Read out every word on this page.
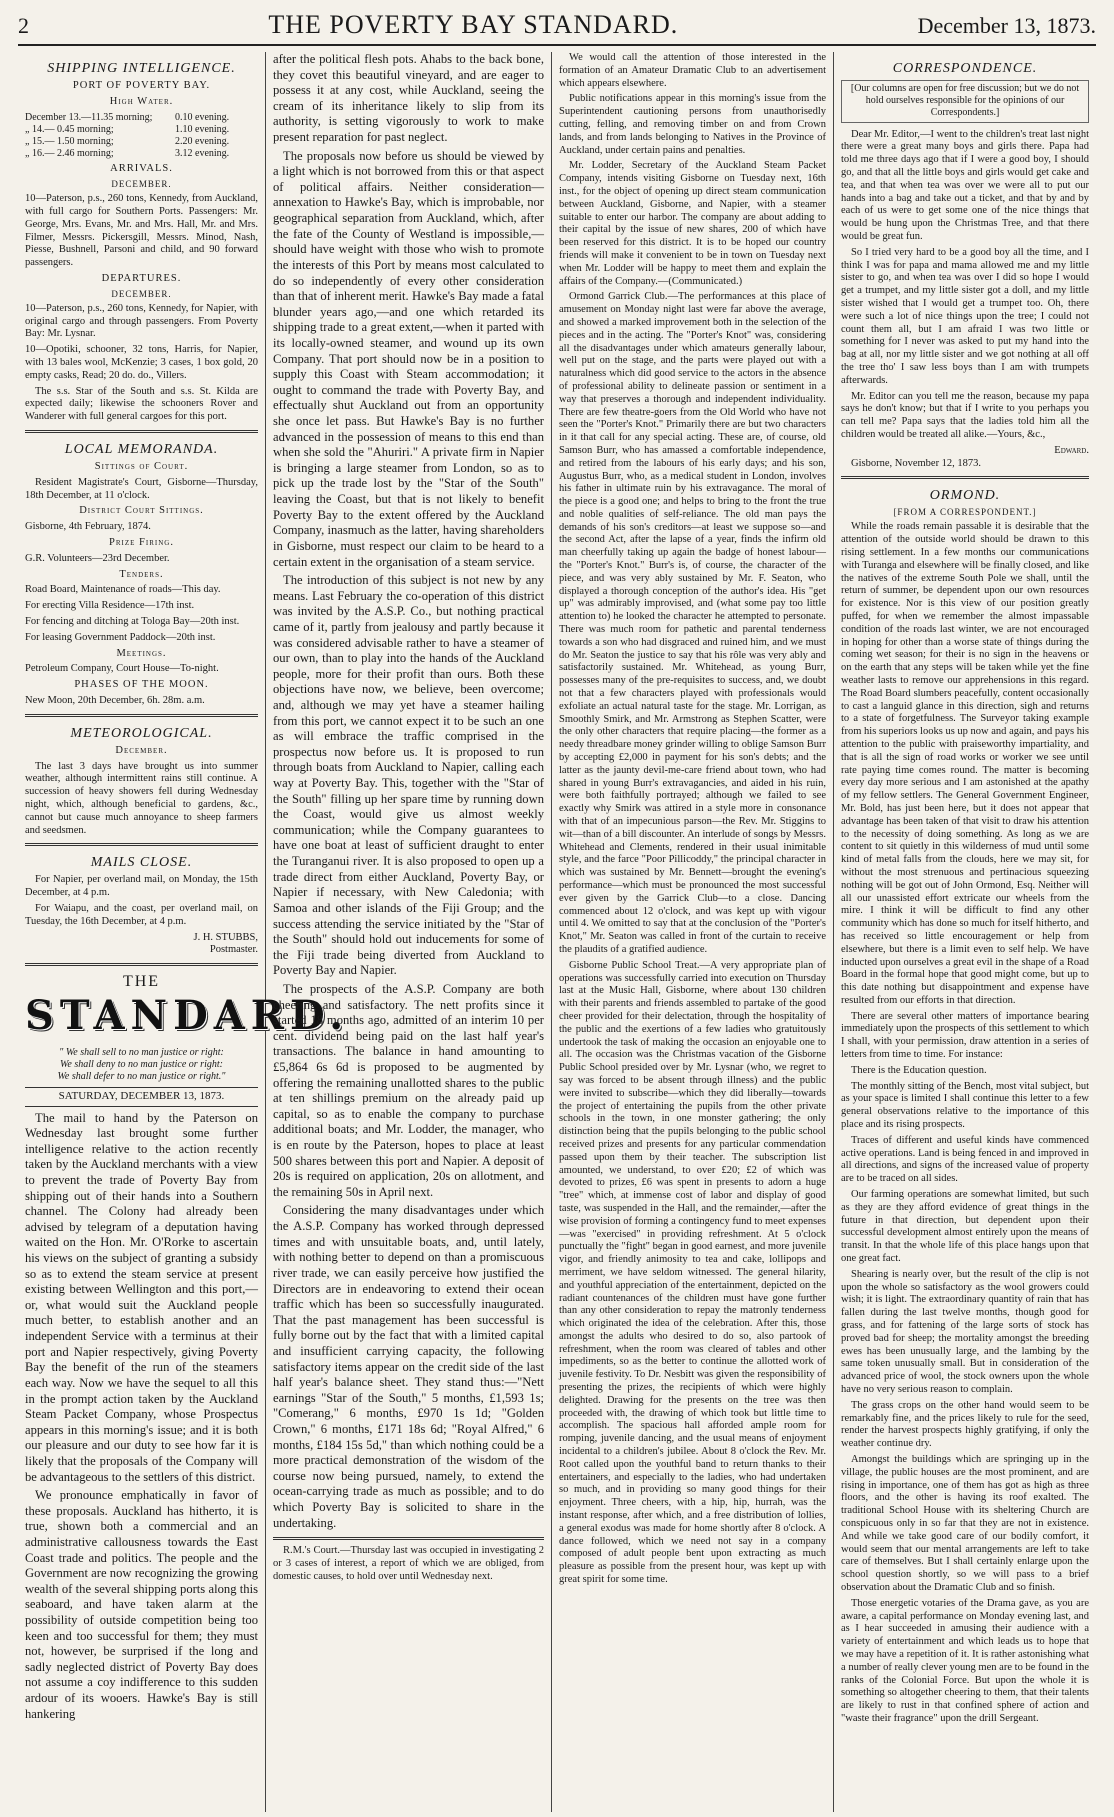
2	THE POVERTY BAY STANDARD.	December 13, 1873.
SHIPPING INTELLIGENCE.
PORT OF POVERTY BAY.
High Water.
December 13.—11.35 morning;	0.10 evening.
„ 14.— 0.45 morning;	1.10 evening.
„ 15.— 1.50 morning;	2.20 evening.
„ 16.— 2.46 morning;	3.12 evening.
ARRIVALS.
DECEMBER.

10—Paterson, p.s., 260 tons, Kennedy, from Auckland, with full cargo for Southern Ports. Passengers: Mr. George, Mrs. Evans, Mr. and Mrs. Hall, Mr. and Mrs. Filmer, Messrs. Pickersgill, Messrs. Minod, Nash, Piesse, Bushnell, Parsoni and child, and 90 forward passengers.

DEPARTURES.
DECEMBER.

10—Paterson, p.s., 260 tons, Kennedy, for Napier, with original cargo and through passengers. From Poverty Bay: Mr. Lysnar.

10—Opotiki, schooner, 32 tons, Harris, for Napier, with 13 bales wool, McKenzie; 3 cases, 1 box gold, 20 empty casks, Read; 20 do. do., Villers.

The s.s. Star of the South and s.s. St. Kilda are expected daily; likewise the schooners Rover and Wanderer with full general cargoes for this port.

LOCAL MEMORANDA.
Sittings of Court.

Resident Magistrate's Court, Gisborne—Thursday, 18th December, at 11 o'clock.

District Court Sittings.

Gisborne, 4th February, 1874.

Prize Firing.

G.R. Volunteers—23rd December.

Tenders.

Road Board, Maintenance of roads—This day.

For erecting Villa Residence—17th inst.

For fencing and ditching at Tologa Bay—20th inst.

For leasing Government Paddock—20th inst.

Meetings.

Petroleum Company, Court House—To-night.

PHASES OF THE MOON.

New Moon, 20th December, 6h. 28m. a.m.

METEOROLOGICAL.
December.

The last 3 days have brought us into summer weather, although intermittent rains still continue. A succession of heavy showers fell during Wednesday night, which, although beneficial to gardens, &c., cannot but cause much annoyance to sheep farmers and seedsmen.

MAILS CLOSE.

For Napier, per overland mail, on Monday, the 15th December, at 4 p.m.

For Waiapu, and the coast, per overland mail, on Tuesday, the 16th December, at 4 p.m.

J. H. STUBBS,
Postmaster.
THE
STANDARD.
" We shall sell to no man justice or right:
We shall deny to no man justice or right:
We shall defer to no man justice or right."
SATURDAY, DECEMBER 13, 1873.

The mail to hand by the Paterson on Wednesday last brought some further intelligence relative to the action recently taken by the Auckland merchants with a view to prevent the trade of Poverty Bay from shipping out of their hands into a Southern channel. The Colony had already been advised by telegram of a deputation having waited on the Hon. Mr. O'Rorke to ascertain his views on the subject of granting a subsidy so as to extend the steam service at present existing between Wellington and this port,—or, what would suit the Auckland people much better, to establish another and an independent Service with a terminus at their port and Napier respectively, giving Poverty Bay the benefit of the run of the steamers each way. Now we have the sequel to all this in the prompt action taken by the Auckland Steam Packet Company, whose Prospectus appears in this morning's issue; and it is both our pleasure and our duty to see how far it is likely that the proposals of the Company will be advantageous to the settlers of this district.

We pronounce emphatically in favor of these proposals. Auckland has hitherto, it is true, shown both a commercial and an administrative callousness towards the East Coast trade and politics. The people and the Government are now recognizing the growing wealth of the several shipping ports along this seaboard, and have taken alarm at the possibility of outside competition being too keen and too successful for them; they must not, however, be surprised if the long and sadly neglected district of Poverty Bay does not assume a coy indifference to this sudden ardour of its wooers. Hawke's Bay is still hankering

after the political flesh pots. Ahabs to the back bone, they covet this beautiful vineyard, and are eager to possess it at any cost, while Auckland, seeing the cream of its inheritance likely to slip from its authority, is setting vigorously to work to make present reparation for past neglect.

The proposals now before us should be viewed by a light which is not borrowed from this or that aspect of political affairs. Neither consideration—annexation to Hawke's Bay, which is improbable, nor geographical separation from Auckland, which, after the fate of the County of Westland is impossible,—should have weight with those who wish to promote the interests of this Port by means most calculated to do so independently of every other consideration than that of inherent merit. Hawke's Bay made a fatal blunder years ago,—and one which retarded its shipping trade to a great extent,—when it parted with its locally-owned steamer, and wound up its own Company. That port should now be in a position to supply this Coast with Steam accommodation; it ought to command the trade with Poverty Bay, and effectually shut Auckland out from an opportunity she once let pass. But Hawke's Bay is no further advanced in the possession of means to this end than when she sold the "Ahuriri." A private firm in Napier is bringing a large steamer from London, so as to pick up the trade lost by the "Star of the South" leaving the Coast, but that is not likely to benefit Poverty Bay to the extent offered by the Auckland Company, inasmuch as the latter, having shareholders in Gisborne, must respect our claim to be heard to a certain extent in the organisation of a steam service.

The introduction of this subject is not new by any means. Last February the co-operation of this district was invited by the A.S.P. Co., but nothing practical came of it, partly from jealousy and partly because it was considered advisable rather to have a steamer of our own, than to play into the hands of the Auckland people, more for their profit than ours. Both these objections have now, we believe, been overcome; and, although we may yet have a steamer hailing from this port, we cannot expect it to be such an one as will embrace the traffic comprised in the prospectus now before us. It is proposed to run through boats from Auckland to Napier, calling each way at Poverty Bay. This, together with the "Star of the South" filling up her spare time by running down the Coast, would give us almost weekly communication; while the Company guarantees to have one boat at least of sufficient draught to enter the Turanganui river. It is also proposed to open up a trade direct from either Auckland, Poverty Bay, or Napier if necessary, with New Caledonia; with Samoa and other islands of the Fiji Group; and the success attending the service initiated by the "Star of the South" should hold out inducements for some of the Fiji trade being diverted from Auckland to Poverty Bay and Napier.

The prospects of the A.S.P. Company are both cheering and satisfactory. The nett profits since it started 18 months ago, admitted of an interim 10 per cent. dividend being paid on the last half year's transactions. The balance in hand amounting to £5,864 6s 6d is proposed to be augmented by offering the remaining unallotted shares to the public at ten shillings premium on the already paid up capital, so as to enable the company to purchase additional boats; and Mr. Lodder, the manager, who is en route by the Paterson, hopes to place at least 500 shares between this port and Napier. A deposit of 20s is required on application, 20s on allotment, and the remaining 50s in April next.

Considering the many disadvantages under which the A.S.P. Company has worked through depressed times and with unsuitable boats, and, until lately, with nothing better to depend on than a promiscuous river trade, we can easily perceive how justified the Directors are in endeavoring to extend their ocean traffic which has been so successfully inaugurated. That the past management has been successful is fully borne out by the fact that with a limited capital and insufficient carrying capacity, the following satisfactory items appear on the credit side of the last half year's balance sheet. They stand thus:—"Nett earnings "Star of the South," 5 months, £1,593 1s; "Comerang," 6 months, £970 1s 1d; "Golden Crown," 6 months, £171 18s 6d; "Royal Alfred," 6 months, £184 15s 5d," than which nothing could be a more practical demonstration of the wisdom of the course now being pursued, namely, to extend the ocean-carrying trade as much as possible; and to do which Poverty Bay is solicited to share in the undertaking.

R.M.'s Court.—Thursday last was occupied in investigating 2 or 3 cases of interest, a report of which we are obliged, from domestic causes, to hold over until Wednesday next.

We would call the attention of those interested in the formation of an Amateur Dramatic Club to an advertisement which appears elsewhere.

Public notifications appear in this morning's issue from the Superintendent cautioning persons from unauthorisedly cutting, felling, and removing timber on and from Crown lands, and from lands belonging to Natives in the Province of Auckland, under certain pains and penalties.

Mr. Lodder, Secretary of the Auckland Steam Packet Company, intends visiting Gisborne on Tuesday next, 16th inst., for the object of opening up direct steam communication between Auckland, Gisborne, and Napier, with a steamer suitable to enter our harbor. The company are about adding to their capital by the issue of new shares, 200 of which have been reserved for this district. It is to be hoped our country friends will make it convenient to be in town on Tuesday next when Mr. Lodder will be happy to meet them and explain the affairs of the Company.—(Communicated.)

Ormond Garrick Club.—The performances at this place of amusement on Monday night last were far above the average, and showed a marked improvement both in the selection of the pieces and in the acting. The "Porter's Knot" was, considering all the disadvantages under which amateurs generally labour, well put on the stage, and the parts were played out with a naturalness which did good service to the actors in the absence of professional ability to delineate passion or sentiment in a way that preserves a thorough and independent individuality. There are few theatre-goers from the Old World who have not seen the "Porter's Knot." Primarily there are but two characters in it that call for any special acting. These are, of course, old Samson Burr, who has amassed a comfortable independence, and retired from the labours of his early days; and his son, Augustus Burr, who, as a medical student in London, involves his father in ultimate ruin by his extravagance. The moral of the piece is a good one; and helps to bring to the front the true and noble qualities of self-reliance. The old man pays the demands of his son's creditors—at least we suppose so—and the second Act, after the lapse of a year, finds the infirm old man cheerfully taking up again the badge of honest labour—the "Porter's Knot." Burr's is, of course, the character of the piece, and was very ably sustained by Mr. F. Seaton, who displayed a thorough conception of the author's idea. His "get up" was admirably improvised, and (what some pay too little attention to) he looked the character he attempted to personate. There was much room for pathetic and parental tenderness towards a son who had disgraced and ruined him, and we must do Mr. Seaton the justice to say that his rôle was very ably and satisfactorily sustained. Mr. Whitehead, as young Burr, possesses many of the pre-requisites to success, and, we doubt not that a few characters played with professionals would exfoliate an actual natural taste for the stage. Mr. Lorrigan, as Smoothly Smirk, and Mr. Armstrong as Stephen Scatter, were the only other characters that require placing—the former as a needy threadbare money grinder willing to oblige Samson Burr by accepting £2,000 in payment for his son's debts; and the latter as the jaunty devil-me-care friend about town, who had shared in young Burr's extravagancies, and aided in his ruin, were both faithfully portrayed; although we failed to see exactly why Smirk was attired in a style more in consonance with that of an impecunious parson—the Rev. Mr. Stiggins to wit—than of a bill discounter. An interlude of songs by Messrs. Whitehead and Clements, rendered in their usual inimitable style, and the farce "Poor Pillicoddy," the principal character in which was sustained by Mr. Bennett—brought the evening's performance—which must be pronounced the most successful ever given by the Garrick Club—to a close. Dancing commenced about 12 o'clock, and was kept up with vigour until 4. We omitted to say that at the conclusion of the "Porter's Knot," Mr. Seaton was called in front of the curtain to receive the plaudits of a gratified audience.

Gisborne Public School Treat.—A very appropriate plan of operations was successfully carried into execution on Thursday last at the Music Hall, Gisborne, where about 130 children with their parents and friends assembled to partake of the good cheer provided for their delectation, through the hospitality of the public and the exertions of a few ladies who gratuitously undertook the task of making the occasion an enjoyable one to all. The occasion was the Christmas vacation of the Gisborne Public School presided over by Mr. Lysnar (who, we regret to say was forced to be absent through illness) and the public were invited to subscribe—which they did liberally—towards the project of entertaining the pupils from the other private schools in the town, in one monster gathering; the only distinction being that the pupils belonging to the public school received prizes and presents for any particular commendation passed upon them by their teacher. The subscription list amounted, we understand, to over £20; £2 of which was devoted to prizes, £6 was spent in presents to adorn a huge "tree" which, at immense cost of labor and display of good taste, was suspended in the Hall, and the remainder,—after the wise provision of forming a contingency fund to meet expenses—was "exercised" in providing refreshment. At 5 o'clock punctually the "fight" began in good earnest, and more juvenile vigor, and friendly animosity to tea and cake, lollipops and merriment, we have seldom witnessed. The general hilarity, and youthful appreciation of the entertainment, depicted on the radiant countenances of the children must have gone further than any other consideration to repay the matronly tenderness which originated the idea of the celebration. After this, those amongst the adults who desired to do so, also partook of refreshment, when the room was cleared of tables and other impediments, so as the better to continue the allotted work of juvenile festivity. To Dr. Nesbitt was given the responsibility of presenting the prizes, the recipients of which were highly delighted. Drawing for the presents on the tree was then proceeded with, the drawing of which took but little time to accomplish. The spacious hall afforded ample room for romping, juvenile dancing, and the usual means of enjoyment incidental to a children's jubilee. About 8 o'clock the Rev. Mr. Root called upon the youthful band to return thanks to their entertainers, and especially to the ladies, who had undertaken so much, and in providing so many good things for their enjoyment. Three cheers, with a hip, hip, hurrah, was the instant response, after which, and a free distribution of lollies, a general exodus was made for home shortly after 8 o'clock. A dance followed, which we need not say in a company composed of adult people bent upon extracting as much pleasure as possible from the present hour, was kept up with great spirit for some time.

CORRESPONDENCE.
[Our columns are open for free discussion; but we do not hold ourselves responsible for the opinions of our Correspondents.]

Dear Mr. Editor,—I went to the children's treat last night there were a great many boys and girls there. Papa had told me three days ago that if I were a good boy, I should go, and that all the little boys and girls would get cake and tea, and that when tea was over we were all to put our hands into a bag and take out a ticket, and that by and by each of us were to get some one of the nice things that would be hung upon the Christmas Tree, and that there would be great fun.

So I tried very hard to be a good boy all the time, and I think I was for papa and mama allowed me and my little sister to go, and when tea was over I did so hope I would get a trumpet, and my little sister got a doll, and my little sister wished that I would get a trumpet too. Oh, there were such a lot of nice things upon the tree; I could not count them all, but I am afraid I was two little or something for I never was asked to put my hand into the bag at all, nor my little sister and we got nothing at all off the tree tho' I saw less boys than I am with trumpets afterwards.

Mr. Editor can you tell me the reason, because my papa says he don't know; but that if I write to you perhaps you can tell me? Papa says that the ladies told him all the children would be treated all alike.—Yours, &c.,

Edward.

Gisborne, November 12, 1873.

ORMOND.
[FROM A CORRESPONDENT.]

While the roads remain passable it is desirable that the attention of the outside world should be drawn to this rising settlement. In a few months our communications with Turanga and elsewhere will be finally closed, and like the natives of the extreme South Pole we shall, until the return of summer, be dependent upon our own resources for existence. Nor is this view of our position greatly puffed, for when we remember the almost impassable condition of the roads last winter, we are not encouraged in hoping for other than a worse state of things during the coming wet season; for their is no sign in the heavens or on the earth that any steps will be taken while yet the fine weather lasts to remove our apprehensions in this regard. The Road Board slumbers peacefully, content occasionally to cast a languid glance in this direction, sigh and returns to a state of forgetfulness. The Surveyor taking example from his superiors looks us up now and again, and pays his attention to the public with praiseworthy impartiality, and that is all the sign of road works or worker we see until rate paying time comes round. The matter is becoming every day more serious and I am astonished at the apathy of my fellow settlers. The General Government Engineer, Mr. Bold, has just been here, but it does not appear that advantage has been taken of that visit to draw his attention to the necessity of doing something. As long as we are content to sit quietly in this wilderness of mud until some kind of metal falls from the clouds, here we may sit, for without the most strenuous and pertinacious squeezing nothing will be got out of John Ormond, Esq. Neither will all our unassisted effort extricate our wheels from the mire. I think it will be difficult to find any other community which has done so much for itself hitherto, and has received so little encouragement or help from elsewhere, but there is a limit even to self help. We have inducted upon ourselves a great evil in the shape of a Road Board in the formal hope that good might come, but up to this date nothing but disappointment and expense have resulted from our efforts in that direction.

There are several other matters of importance bearing immediately upon the prospects of this settlement to which I shall, with your permission, draw attention in a series of letters from time to time. For instance:

There is the Education question.

The monthly sitting of the Bench, most vital subject, but as your space is limited I shall continue this letter to a few general observations relative to the importance of this place and its rising prospects.

Traces of different and useful kinds have commenced active operations. Land is being fenced in and improved in all directions, and signs of the increased value of property are to be traced on all sides.

Our farming operations are somewhat limited, but such as they are they afford evidence of great things in the future in that direction, but dependent upon their successful development almost entirely upon the means of transit. In that the whole life of this place hangs upon that one great fact.

Shearing is nearly over, but the result of the clip is not upon the whole so satisfactory as the wool growers could wish; it is light. The extraordinary quantity of rain that has fallen during the last twelve months, though good for grass, and for fattening of the large sorts of stock has proved bad for sheep; the mortality amongst the breeding ewes has been unusually large, and the lambing by the same token unusually small. But in consideration of the advanced price of wool, the stock owners upon the whole have no very serious reason to complain.

The grass crops on the other hand would seem to be remarkably fine, and the prices likely to rule for the seed, render the harvest prospects highly gratifying, if only the weather continue dry.

Amongst the buildings which are springing up in the village, the public houses are the most prominent, and are rising in importance, one of them has got as high as three floors, and the other is having its roof exalted. The traditional School House with its sheltering Church are conspicuous only in so far that they are not in existence. And while we take good care of our bodily comfort, it would seem that our mental arrangements are left to take care of themselves. But I shall certainly enlarge upon the school question shortly, so we will pass to a brief observation about the Dramatic Club and so finish.

Those energetic votaries of the Drama gave, as you are aware, a capital performance on Monday evening last, and as I hear succeeded in amusing their audience with a variety of entertainment and which leads us to hope that we may have a repetition of it. It is rather astonishing what a number of really clever young men are to be found in the ranks of the Colonial Force. But upon the whole it is something so altogether cheering to them, that their talents are likely to rust in that confined sphere of action and "waste their fragrance" upon the drill Sergeant.
